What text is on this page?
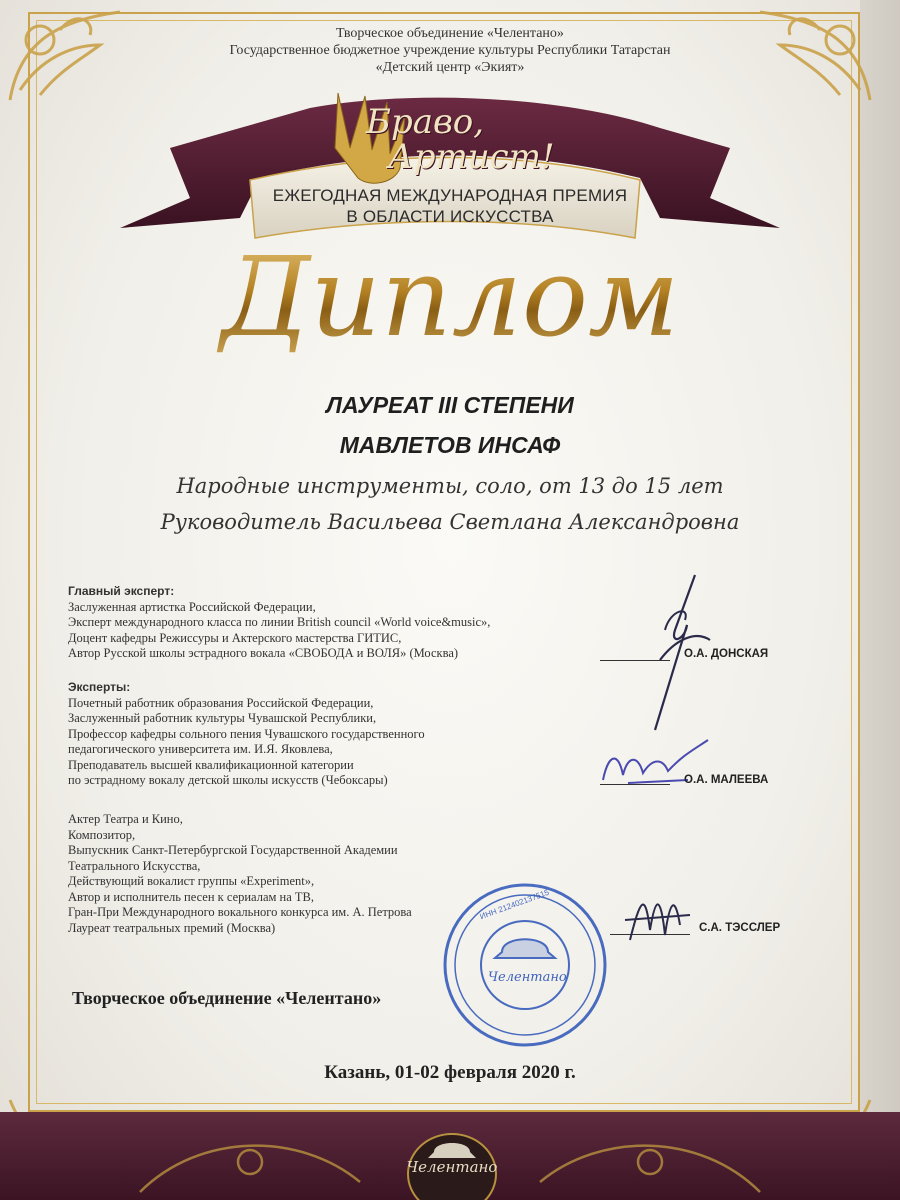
Творческое объединение «Челентано»
Государственное бюджетное учреждение культуры Республики Татарстан
«Детский центр «Экият»
Браво,
Артист!
ЕЖЕГОДНАЯ МЕЖДУНАРОДНАЯ ПРЕМИЯ
В ОБЛАСТИ ИСКУССТВА
Диплом
ЛАУРЕАТ III СТЕПЕНИ
МАВЛЕТОВ ИНСАФ
Народные инструменты, соло, от 13 до 15 лет
Руководитель Васильева Светлана Александровна
Главный эксперт:
Заслуженная артистка Российской Федерации,
Эксперт международного класса по линии British council «World voice&music»,
Доцент кафедры Режиссуры и Актерского мастерства ГИТИС,
Автор Русской школы эстрадного вокала «СВОБОДА и ВОЛЯ» (Москва)	О.А. ДОНСКАЯ
Эксперты:
Почетный работник образования Российской Федерации,
Заслуженный работник культуры Чувашской Республики,
Профессор кафедры сольного пения Чувашского государственного
педагогического университета им. И.Я. Яковлева,
Преподаватель высшей квалификационной категории
по эстрадному вокалу детской школы искусств (Чебоксары)	О.А. МАЛЕЕВА
Актер Театра и Кино,
Композитор,
Выпускник Санкт-Петербургской Государственной Академии
Театрального Искусства,
Действующий вокалист группы «Experiment»,
Автор и исполнитель песен к сериалам на ТВ,
Гран-При Международного вокального конкурса им. А. Петрова
Лауреат театральных премий (Москва)	С.А. ТЭССЛЕР
Челентано
ИНН 212402137515
Творческое объединение «Челентано»
Казань, 01-02 февраля 2020 г.
Челентано
